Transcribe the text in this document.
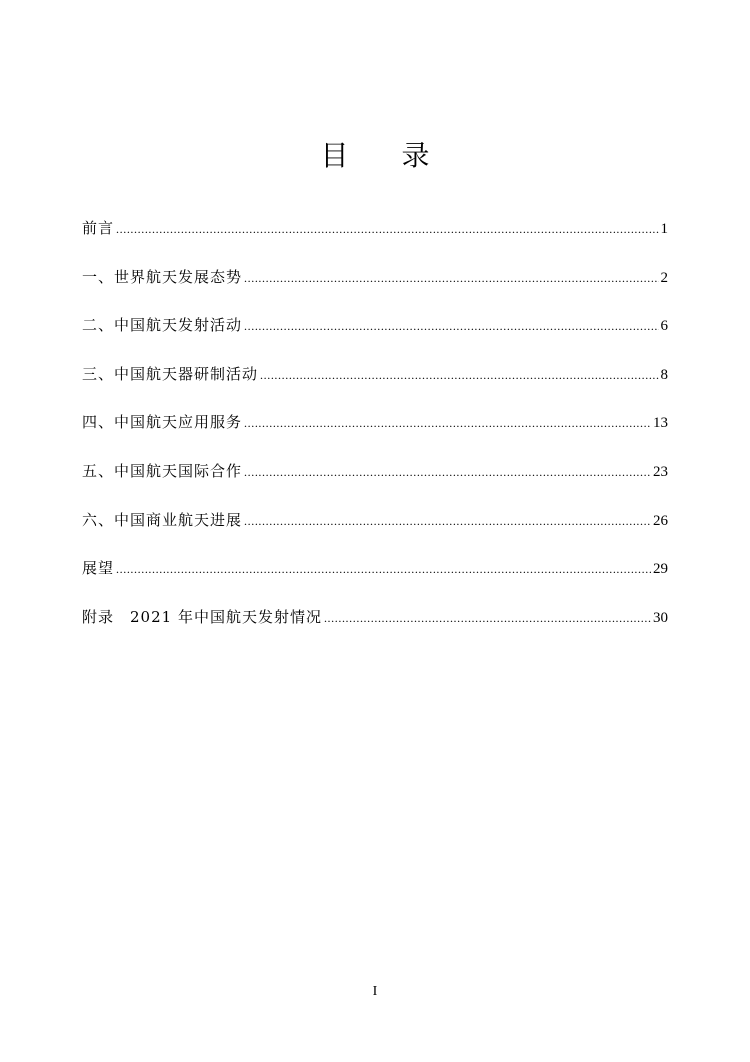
目 录
前言 .....	1
一、世界航天发展态势 .....	2
二、中国航天发射活动 .....	6
三、中国航天器研制活动 .....	8
四、中国航天应用服务 .....	13
五、中国航天国际合作 .....	23
六、中国商业航天进展 .....	26
展望 .....	29
附录　2021 年中国航天发射情况 .....	30
I
